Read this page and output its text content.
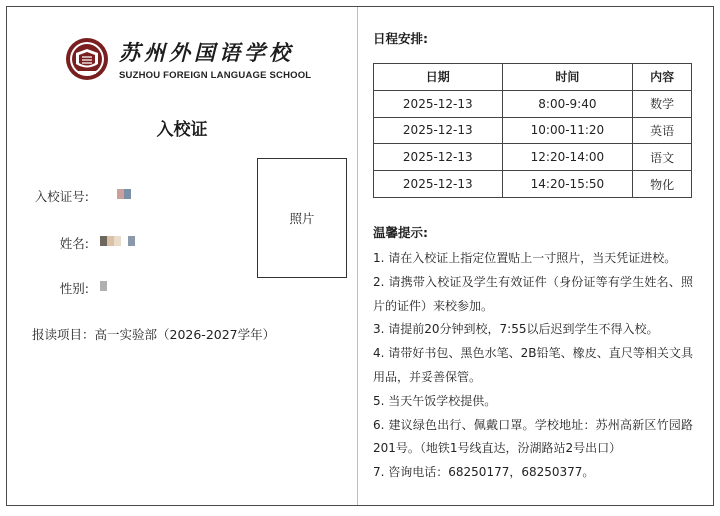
苏州外国语学校
SUZHOU FOREIGN LANGUAGE SCHOOL
入校证
入校证号:
姓名:
性别:
照片
报读项目：高一实验部（2026-2027学年）
日程安排:
日期	时间	内容
2025-12-13	8:00-9:40	数学
2025-12-13	10:00-11:20	英语
2025-12-13	12:20-14:00	语文
2025-12-13	14:20-15:50	物化
温馨提示:
1. 请在入校证上指定位置贴上一寸照片，当天凭证进校。
2. 请携带入校证及学生有效证件（身份证等有学生姓名、照片的证件）来校参加。
3. 请提前20分钟到校，7:55以后迟到学生不得入校。
4. 请带好书包、黑色水笔、2B铅笔、橡皮、直尺等相关文具用品，并妥善保管。
5. 当天午饭学校提供。
6. 建议绿色出行、佩戴口罩。学校地址：苏州高新区竹园路201号。（地铁1号线直达，汾湖路站2号出口）
7. 咨询电话：68250177，68250377。
